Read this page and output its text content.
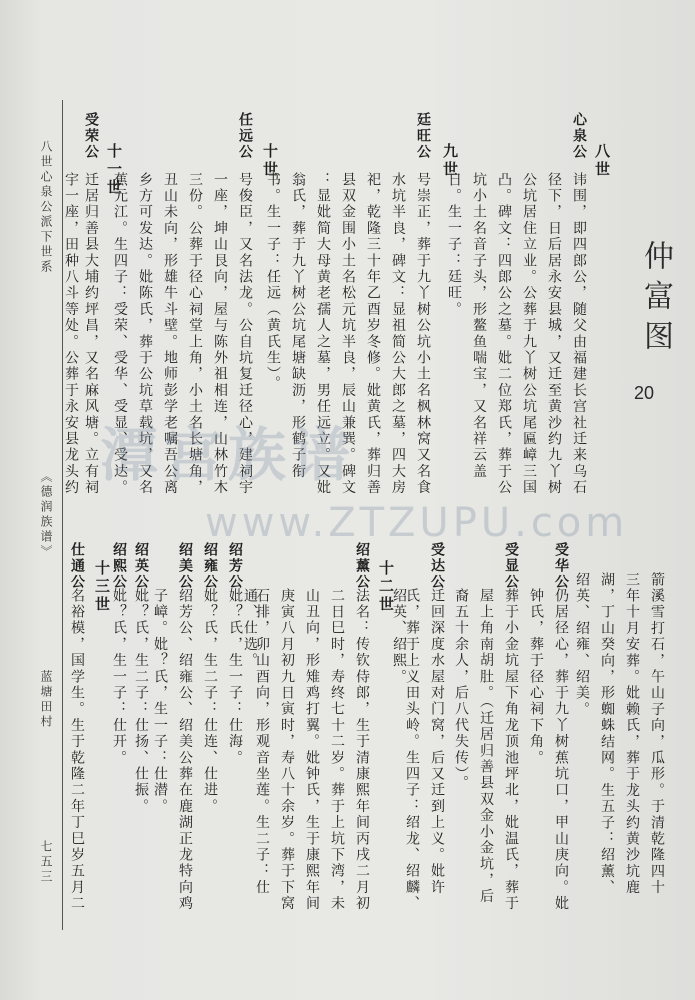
八世心泉公派下世系
《德润族谱》
蓝塘田村
七五三
仲富图
20
八世
九世
十世
十一世
心泉公
讳围，即四郎公，随父由福建长宫社迁来乌石
径下，日后居永安县城，又迁至黄沙约九丫树
公坑居住立业。公葬于九丫树公坑尾匾嶂三国
凸。碑文：四郎公之墓。妣二位郑氏，葬于公
坑小土名音子头，形鳌鱼喘宝，又名祥云盖
日。生一子：廷旺。
廷旺公
号崇正，葬于九丫树公坑小土名枫林窝又名食
水坑半良，碑文：显祖简公大郎之墓，四大房
祀，乾隆三十年乙酉岁冬修。妣黄氏，葬归善
县双金围小土名松元坑半良，辰山兼巽。碑文
：显妣简大母黄老孺人之墓，男任远立。又妣
翁氏，葬于九丫树公坑尾塘缺沥，形鹤子衔
书。生一子：任远（黄氏生）。
任远公
号俊臣，又名法龙。公自坑复迁径心，建祠宇
一座，坤山艮向，屋与陈外祖相连，山林竹木
三份。公葬于径心祠堂上角，小土名长塘角，
丑山未向，形雄牛斗壁。地师彭学老嘱吾公离
乡方可发达。妣陈氏，葬于公坑草载坑，又名
蕉元江。生四子：受荣、受华、受显、受达。
受荣公
迁居归善县大埔约坪昌，又名麻风塘。立有祠
宇一座，田种八斗等处。公葬于永安县龙头约 潭宫族谱
www.ZTZUPU.com
十二世
十三世	箭溪雪打石，午山子向，瓜形。于清乾隆四十
三年十月安葬。妣赖氏，葬于龙头约黄沙坑鹿
湖，丁山癸向，形蜘蛛结网。生五子：绍薰、
绍英、绍雍、绍美。
受华公
仍居径心，葬于九丫树蕉坑口，甲山庚向。妣
钟氏，葬于径心祠下角。
受显公
葬于小金坑屋下角龙顶池坪北，妣温氏，葬于
屋上角南胡肚。（迁居归善县双金小金坑，后
裔五十余人，后八代失传）。
受达公
迁回深度水屋对门窝，后又迁到上义。妣许
氏，葬于上义田头岭。生四子：绍龙、绍麟、
绍英、绍熙。
绍薰公
法名：传钦侍郎，生于清康熙年间丙戌二月初
二日巳时，寿终七十二岁。葬于上坑下湾，未
山丑向，形雉鸡打翼。妣钟氏，生于康熙年间
庚寅八月初九日寅时，寿八十余岁。葬于下窝
石排，卯山酉向，形观音坐莲。生二子：仕
绍芳公
妣？氏，生一子：仕海。
绍雍公
妣？氏，生二子：仕连、仕进。
绍美公
绍芳公、绍雍公、绍美公葬在鹿湖正龙特向鸡
子嶂。妣？氏，生一子：仕潜。
绍英公
妣？氏，生二子：仕扬、仕振。
绍熙公
妣？氏，生一子：仕开。
仕通公
名裕模，国学生。生于乾隆二年丁巳岁五月二	通、仕选。
